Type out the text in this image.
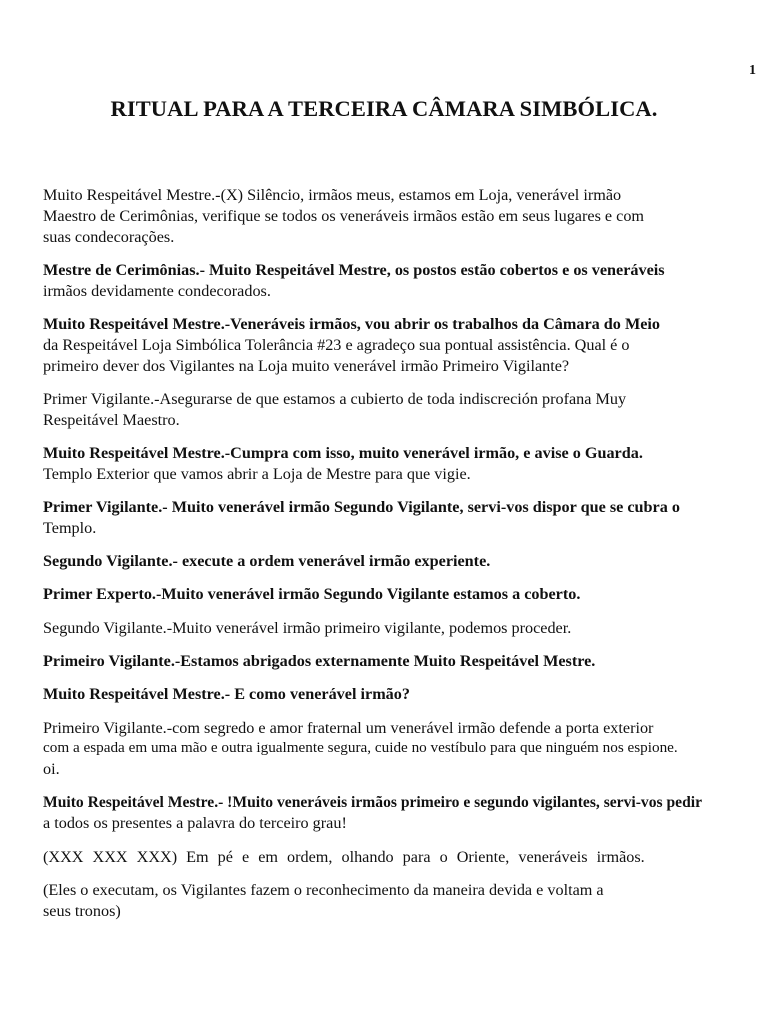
1
RITUAL PARA A TERCEIRA CÂMARA SIMBÓLICA.

Muito Respeitável Mestre.-(X) Silêncio, irmãos meus, estamos em Loja, venerável irmão
Maestro de Cerimônias, verifique se todos os veneráveis irmãos estão em seus lugares e com
suas condecorações.

Mestre de Cerimônias.- Muito Respeitável Mestre, os postos estão cobertos e os veneráveis
irmãos devidamente condecorados.

Muito Respeitável Mestre.-Veneráveis irmãos, vou abrir os trabalhos da Câmara do Meio
da Respeitável Loja Simbólica Tolerância #23 e agradeço sua pontual assistência. Qual é o
primeiro dever dos Vigilantes na Loja muito venerável irmão Primeiro Vigilante?

Primer Vigilante.-Asegurarse de que estamos a cubierto de toda indiscreción profana Muy
Respeitável Maestro.

Muito Respeitável Mestre.-Cumpra com isso, muito venerável irmão, e avise o Guarda.
Templo Exterior que vamos abrir a Loja de Mestre para que vigie.

Primer Vigilante.- Muito venerável irmão Segundo Vigilante, servi-vos dispor que se cubra o
Templo.

Segundo Vigilante.- execute a ordem venerável irmão experiente.

Primer Experto.-Muito venerável irmão Segundo Vigilante estamos a coberto.

Segundo Vigilante.-Muito venerável irmão primeiro vigilante, podemos proceder.

Primeiro Vigilante.-Estamos abrigados externamente Muito Respeitável Mestre.

Muito Respeitável Mestre.- E como venerável irmão?

Primeiro Vigilante.-com segredo e amor fraternal um venerável irmão defende a porta exterior
com a espada em uma mão e outra igualmente segura, cuide no vestíbulo para que ninguém nos espione.
oi.

Muito Respeitável Mestre.- !Muito veneráveis irmãos primeiro e segundo vigilantes, servi-vos pedir
a todos os presentes a palavra do terceiro grau!

(XXX XXX XXX) Em pé e em ordem, olhando para o Oriente, veneráveis irmãos.

(Eles o executam, os Vigilantes fazem o reconhecimento da maneira devida e voltam a
seus tronos)
